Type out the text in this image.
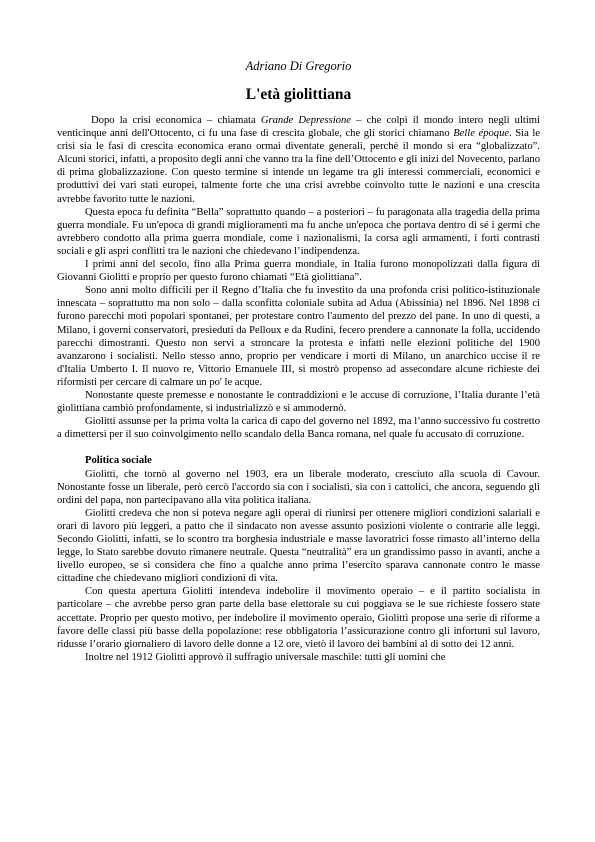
Adriano Di Gregorio
L'età giolittiana

Dopo la crisi economica – chiamata Grande Depressione – che colpì il mondo intero negli ultimi venticinque anni dell'Ottocento, ci fu una fase di crescita globale, che gli storici chiamano Belle époque. Sia le crisi sia le fasi di crescita economica erano ormai diventate generali, perché il mondo si era “globalizzato”. Alcuni storici, infatti, a proposito degli anni che vanno tra la fine dell’Ottocento e gli inizi del Novecento, parlano di prima globalizzazione. Con questo termine si intende un legame tra gli interessi commerciali, economici e produttivi dei vari stati europei, talmente forte che una crisi avrebbe coinvolto tutte le nazioni e una crescita avrebbe favorito tutte le nazioni.

Questa epoca fu definita “Bella” soprattutto quando – a posteriori – fu paragonata alla tragedia della prima guerra mondiale. Fu un'epoca di grandi miglioramenti ma fu anche un'epoca che portava dentro di sé i germi che avrebbero condotto alla prima guerra mondiale, come i nazionalismi, la corsa agli armamenti, i forti contrasti sociali e gli aspri conflitti tra le nazioni che chiedevano l’indipendenza.

I primi anni del secolo, fino alla Prima guerra mondiale, in Italia furono monopolizzati dalla figura di Giovanni Giolitti e proprio per questo furono chiamati “Età giolittiana”.

Sono anni molto difficili per il Regno d’Italia che fu investito da una profonda crisi politico-istituzionale innescata – soprattutto ma non solo – dalla sconfitta coloniale subita ad Adua (Abissinia) nel 1896. Nel 1898 ci furono parecchi moti popolari spontanei, per protestare contro l'aumento del prezzo del pane. In uno di questi, a Milano, i governi conservatori, presieduti da Pelloux e da Rudinì, fecero prendere a cannonate la folla, uccidendo parecchi dimostranti. Questo non servì a stroncare la protesta e infatti nelle elezioni politiche del 1900 avanzarono i socialisti. Nello stesso anno, proprio per vendicare i morti di Milano, un anarchico uccise il re d'Italia Umberto I. Il nuovo re, Vittorio Emanuele III, si mostrò propenso ad assecondare alcune richieste dei riformisti per cercare di calmare un po' le acque.

Nonostante queste premesse e nonostante le contraddizioni e le accuse di corruzione, l’Italia durante l’età giolittiana cambiò profondamente, si industrializzò e si ammodernò.

Giolitti assunse per la prima volta la carica di capo del governo nel 1892, ma l’anno successivo fu costretto a dimettersi per il suo coinvolgimento nello scandalo della Banca romana, nel quale fu accusato di corruzione.

Politica sociale

Giolitti, che tornò al governo nel 1903, era un liberale moderato, cresciuto alla scuola di Cavour. Nonostante fosse un liberale, però cercò l'accordo sia con i socialisti, sia con i cattolici, che ancora, seguendo gli ordini del papa, non partecipavano alla vita politica italiana.

Giolitti credeva che non si poteva negare agli operai di riunirsi per ottenere migliori condizioni salariali e orari di lavoro più leggeri, a patto che il sindacato non avesse assunto posizioni violente o contrarie alle leggi. Secondo Giolitti, infatti, se lo scontro tra borghesia industriale e masse lavoratrici fosse rimasto all’interno della legge, lo Stato sarebbe dovuto rimanere neutrale. Questa “neutralità” era un grandissimo passo in avanti, anche a livello europeo, se si considera che fino a qualche anno prima l’esercito sparava cannonate contro le masse cittadine che chiedevano migliori condizioni di vita.

Con questa apertura Giolitti intendeva indebolire il movimento operaio – e il partito socialista in particolare – che avrebbe perso gran parte della base elettorale su cui poggiava se le sue richieste fossero state accettate. Proprio per questo motivo, per indebolire il movimento operaio, Giolitti propose una serie di riforme a favore delle classi più basse della popolazione: rese obbligatoria l’assicurazione contro gli infortuni sul lavoro, ridusse l’orario giornaliero di lavoro delle donne a 12 ore, vietò il lavoro dei bambini al di sotto dei 12 anni.

Inoltre nel 1912 Giolitti approvò il suffragio universale maschile: tutti gli uomini che
